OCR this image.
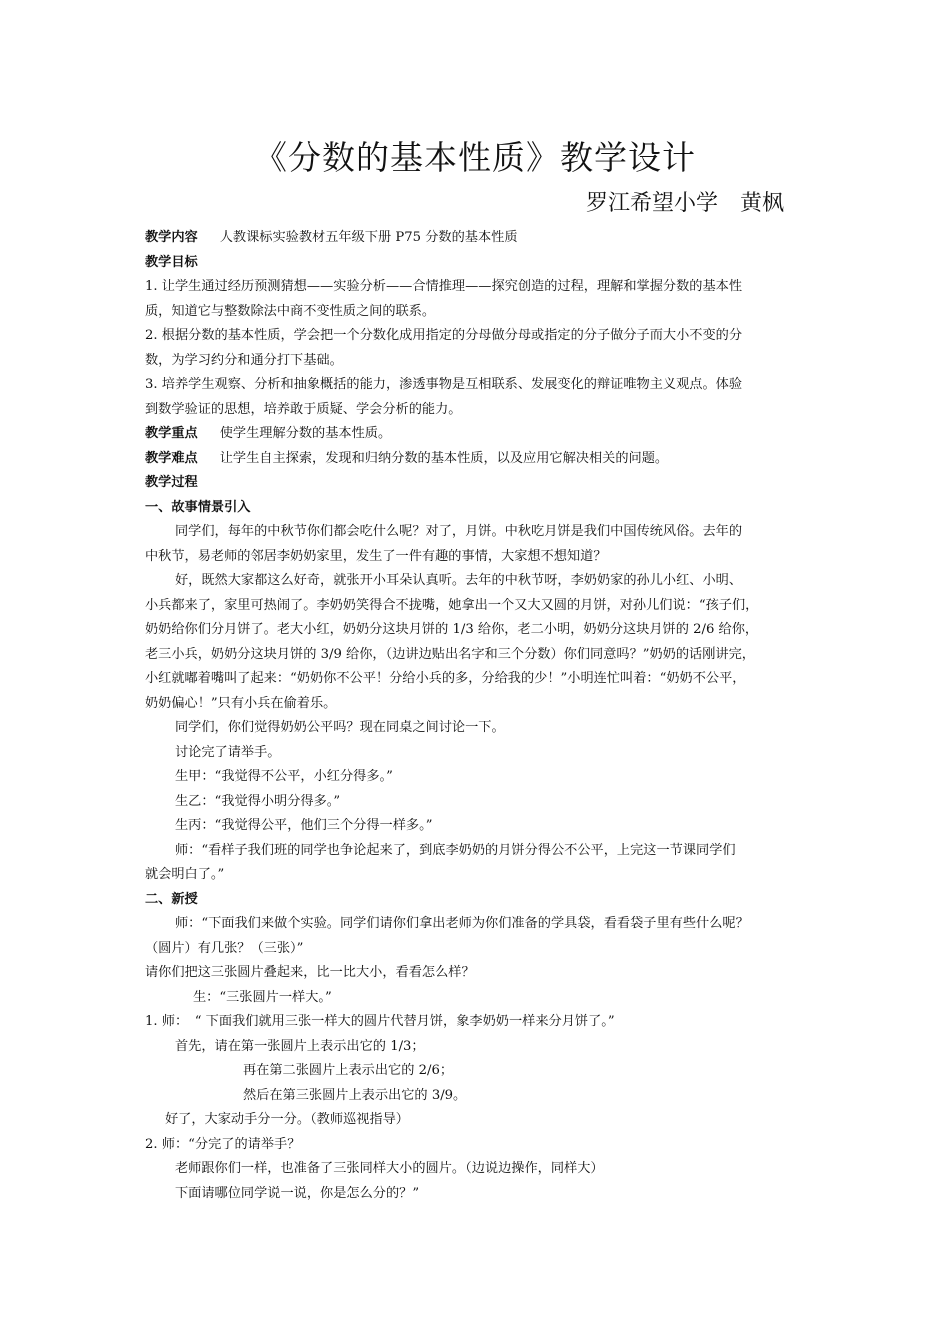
《分数的基本性质》教学设计
罗江希望小学　黄枫
教学内容 人教课标实验教材五年级下册 P75 分数的基本性质
教学目标
1. 让学生通过经历预测猜想——实验分析——合情推理——探究创造的过程，理解和掌握分数的基本性
质，知道它与整数除法中商不变性质之间的联系。
2. 根据分数的基本性质，学会把一个分数化成用指定的分母做分母或指定的分子做分子而大小不变的分
数，为学习约分和通分打下基础。
3. 培养学生观察、分析和抽象概括的能力，渗透事物是互相联系、发展变化的辩证唯物主义观点。体验
到数学验证的思想，培养敢于质疑、学会分析的能力。
教学重点 使学生理解分数的基本性质。
教学难点 让学生自主探索，发现和归纳分数的基本性质，以及应用它解决相关的问题。
教学过程
一、故事情景引入
同学们，每年的中秋节你们都会吃什么呢？对了，月饼。中秋吃月饼是我们中国传统风俗。去年的
中秋节，易老师的邻居李奶奶家里，发生了一件有趣的事情，大家想不想知道？
好，既然大家都这么好奇，就张开小耳朵认真听。去年的中秋节呀，李奶奶家的孙儿小红、小明、
小兵都来了，家里可热闹了。李奶奶笑得合不拢嘴，她拿出一个又大又圆的月饼，对孙儿们说：“孩子们，
奶奶给你们分月饼了。老大小红，奶奶分这块月饼的 1/3 给你，老二小明，奶奶分这块月饼的 2/6 给你，
老三小兵，奶奶分这块月饼的 3/9 给你，（边讲边贴出名字和三个分数）你们同意吗？”奶奶的话刚讲完，
小红就嘟着嘴叫了起来：“奶奶你不公平！分给小兵的多，分给我的少！”小明连忙叫着：“奶奶不公平，
奶奶偏心！”只有小兵在偷着乐。
同学们，你们觉得奶奶公平吗？现在同桌之间讨论一下。
讨论完了请举手。
生甲：“我觉得不公平，小红分得多。”
生乙：“我觉得小明分得多。”
生丙：“我觉得公平，他们三个分得一样多。”
师：“看样子我们班的同学也争论起来了，到底李奶奶的月饼分得公不公平，上完这一节课同学们
就会明白了。”
二、新授
师：“下面我们来做个实验。同学们请你们拿出老师为你们准备的学具袋，看看袋子里有些什么呢？
（圆片）有几张？（三张）”
请你们把这三张圆片叠起来，比一比大小，看看怎么样？
生：“三张圆片一样大。”
1. 师：　“ 下面我们就用三张一样大的圆片代替月饼，象李奶奶一样来分月饼了。”
首先，请在第一张圆片上表示出它的 1/3；
再在第二张圆片上表示出它的 2/6；
然后在第三张圆片上表示出它的 3/9。
好了，大家动手分一分。（教师巡视指导）
2. 师：“分完了的请举手？
老师跟你们一样，也准备了三张同样大小的圆片。（边说边操作，同样大）
下面请哪位同学说一说，你是怎么分的？”
